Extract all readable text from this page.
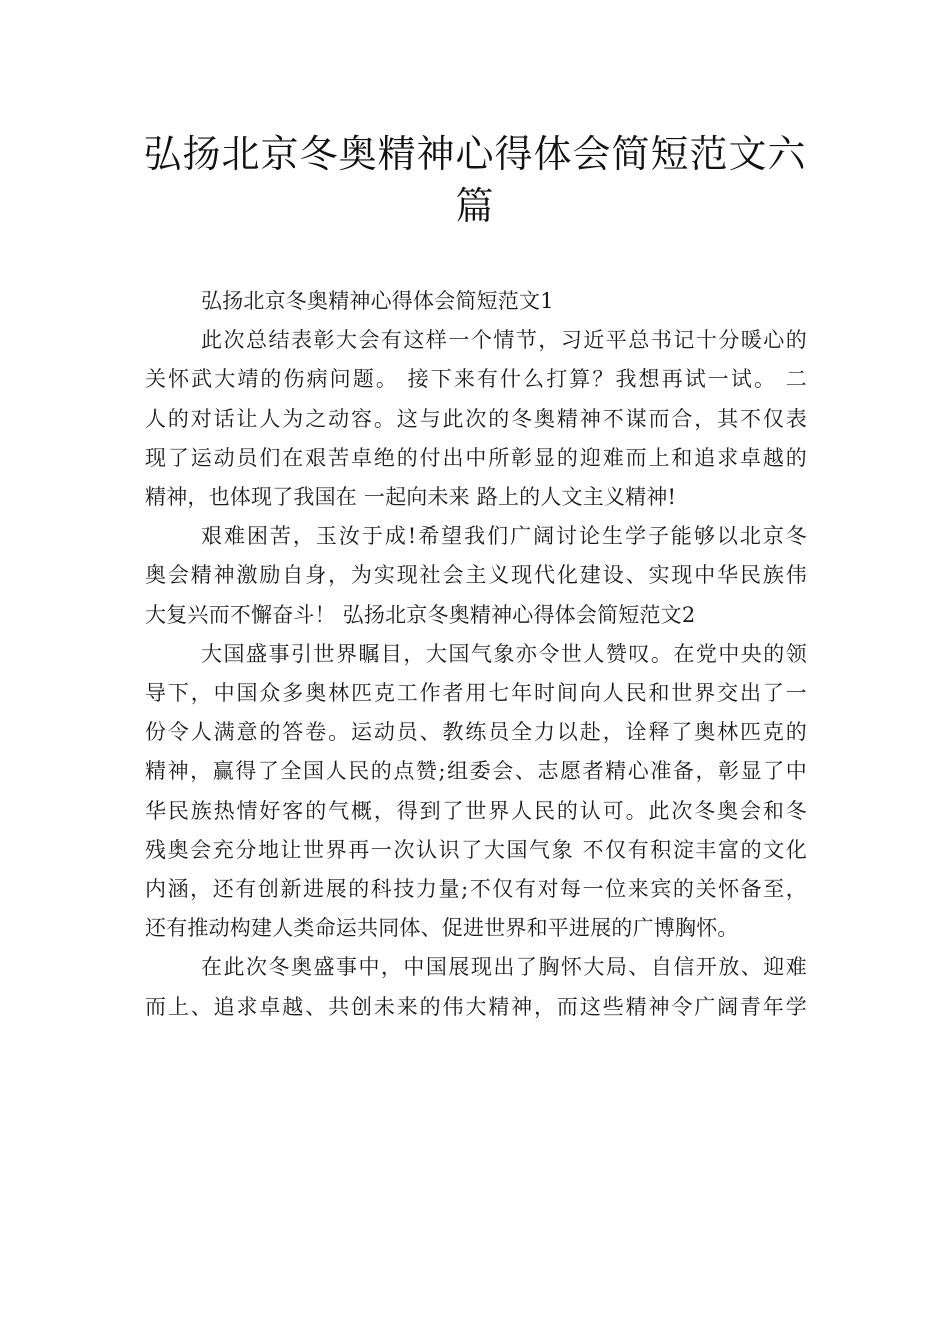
弘扬北京冬奥精神心得体会简短范文六
篇
弘扬北京冬奥精神心得体会简短范文1
此次总结表彰大会有这样一个情节，习近平总书记十分暖心的
关怀武大靖的伤病问题。 接下来有什么打算？我想再试一试。 二
人的对话让人为之动容。这与此次的冬奥精神不谋而合，其不仅表
现了运动员们在艰苦卓绝的付出中所彰显的迎难而上和追求卓越的
精神，也体现了我国在 一起向未来 路上的人文主义精神!
艰难困苦，玉汝于成!希望我们广阔讨论生学子能够以北京冬
奥会精神激励自身，为实现社会主义现代化建设、实现中华民族伟
大复兴而不懈奋斗！ 弘扬北京冬奥精神心得体会简短范文2
大国盛事引世界瞩目，大国气象亦令世人赞叹。在党中央的领
导下，中国众多奥林匹克工作者用七年时间向人民和世界交出了一
份令人满意的答卷。运动员、教练员全力以赴，诠释了奥林匹克的
精神，赢得了全国人民的点赞;组委会、志愿者精心准备，彰显了中
华民族热情好客的气概，得到了世界人民的认可。此次冬奥会和冬
残奥会充分地让世界再一次认识了大国气象 不仅有积淀丰富的文化
内涵，还有创新进展的科技力量;不仅有对每一位来宾的关怀备至，
还有推动构建人类命运共同体、促进世界和平进展的广博胸怀。
在此次冬奥盛事中，中国展现出了胸怀大局、自信开放、迎难
而上、追求卓越、共创未来的伟大精神，而这些精神令广阔青年学
